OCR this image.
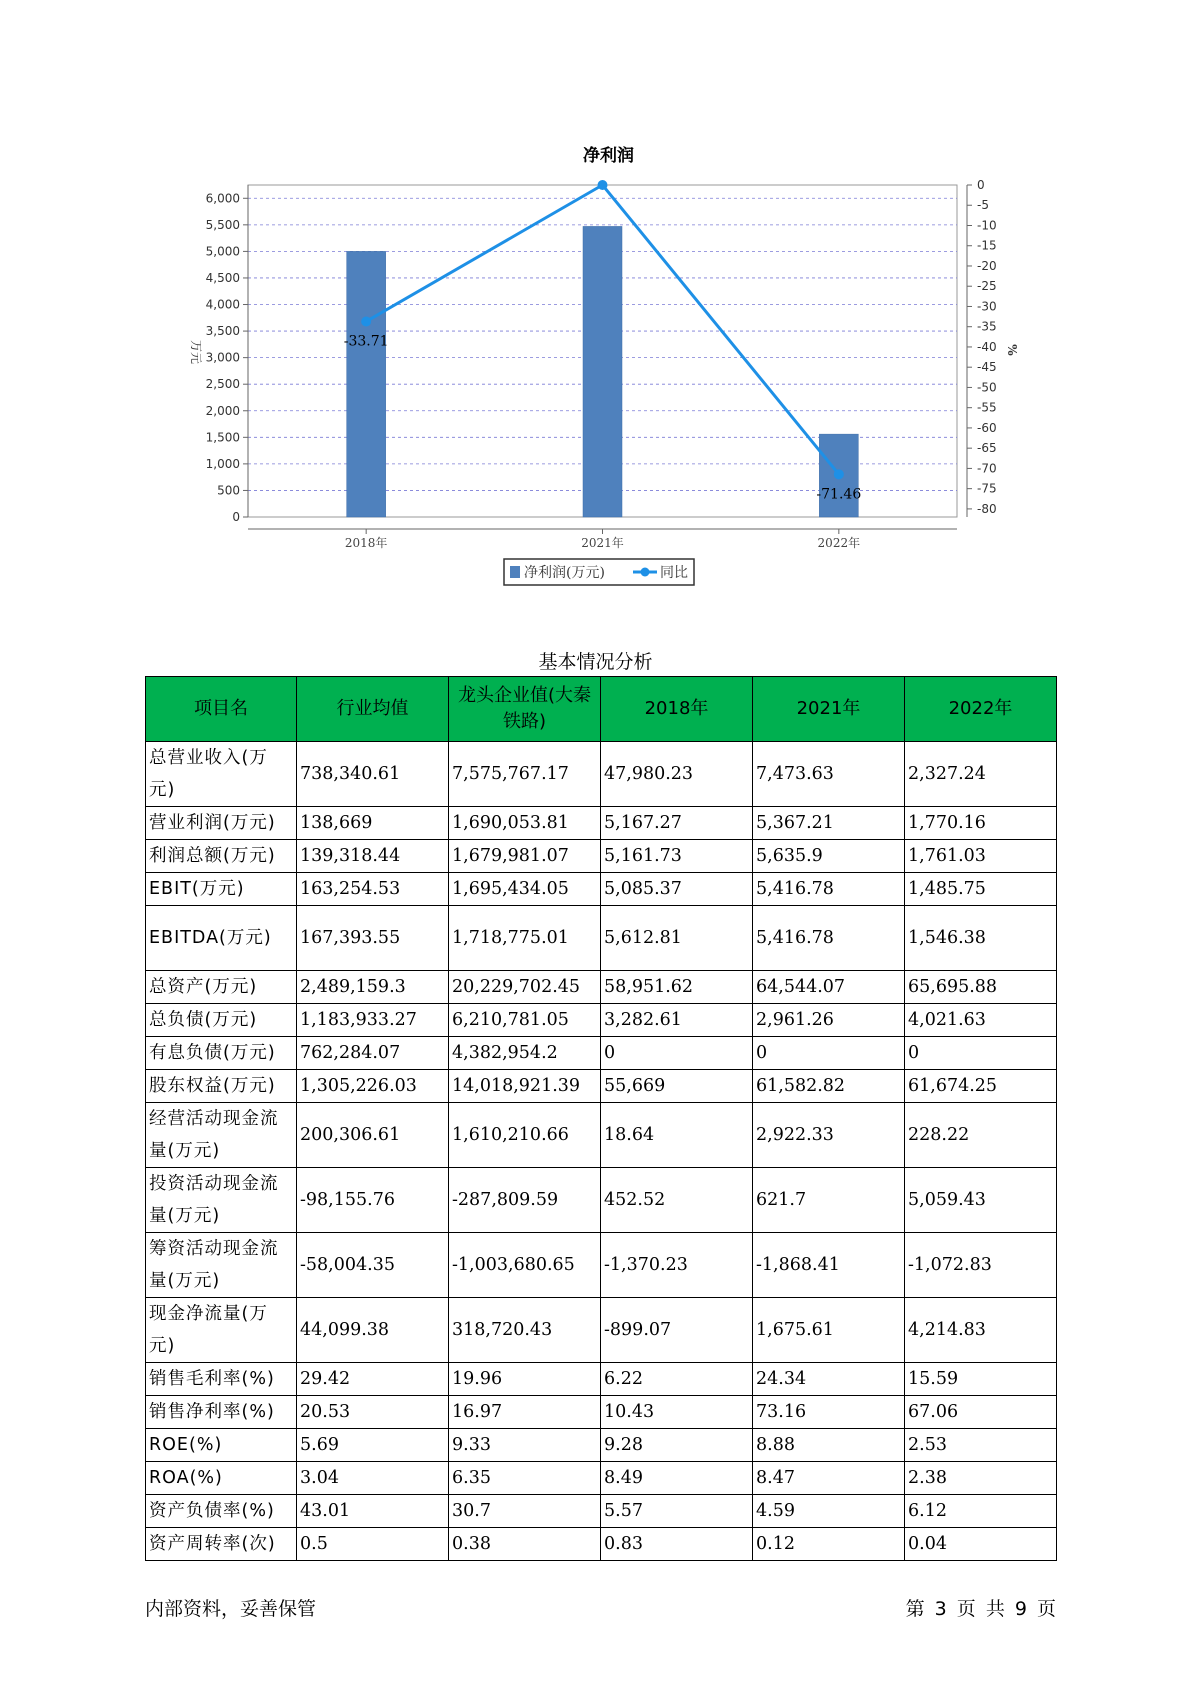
净利润
0
500
1,000
1,500
2,000
2,500
3,000
3,500
4,000
4,500
5,000
5,500
6,000
0
-5
-10
-15
-20
-25
-30
-35
-40
-45
-50
-55
-60
-65
-70
-75
-80
万元	%
2018年	2021年	2022年
-33.71
-71.46
净利润(万元)	同比
基本情况分析
项目名	行业均值	龙头企业值(大秦铁路)	2018年	2021年	2022年
总营业收入(万元)	738,340.61	7,575,767.17	47,980.23	7,473.63	2,327.24
营业利润(万元)	138,669	1,690,053.81	5,167.27	5,367.21	1,770.16
利润总额(万元)	139,318.44	1,679,981.07	5,161.73	5,635.9	1,761.03
EBIT(万元)	163,254.53	1,695,434.05	5,085.37	5,416.78	1,485.75
EBITDA(万元)	167,393.55	1,718,775.01	5,612.81	5,416.78	1,546.38
总资产(万元)	2,489,159.3	20,229,702.45	58,951.62	64,544.07	65,695.88
总负债(万元)	1,183,933.27	6,210,781.05	3,282.61	2,961.26	4,021.63
有息负债(万元)	762,284.07	4,382,954.2	0	0	0
股东权益(万元)	1,305,226.03	14,018,921.39	55,669	61,582.82	61,674.25
经营活动现金流量(万元)	200,306.61	1,610,210.66	18.64	2,922.33	228.22
投资活动现金流量(万元)	-98,155.76	-287,809.59	452.52	621.7	5,059.43
筹资活动现金流量(万元)	-58,004.35	-1,003,680.65	-1,370.23	-1,868.41	-1,072.83
现金净流量(万元)	44,099.38	318,720.43	-899.07	1,675.61	4,214.83
销售毛利率(%)	29.42	19.96	6.22	24.34	15.59
销售净利率(%)	20.53	16.97	10.43	73.16	67.06
ROE(%)	5.69	9.33	9.28	8.88	2.53
ROA(%)	3.04	6.35	8.49	8.47	2.38
资产负债率(%)	43.01	30.7	5.57	4.59	6.12
资产周转率(次)	0.5	0.38	0.83	0.12	0.04
内部资料，妥善保管	第 3 页 共 9 页
